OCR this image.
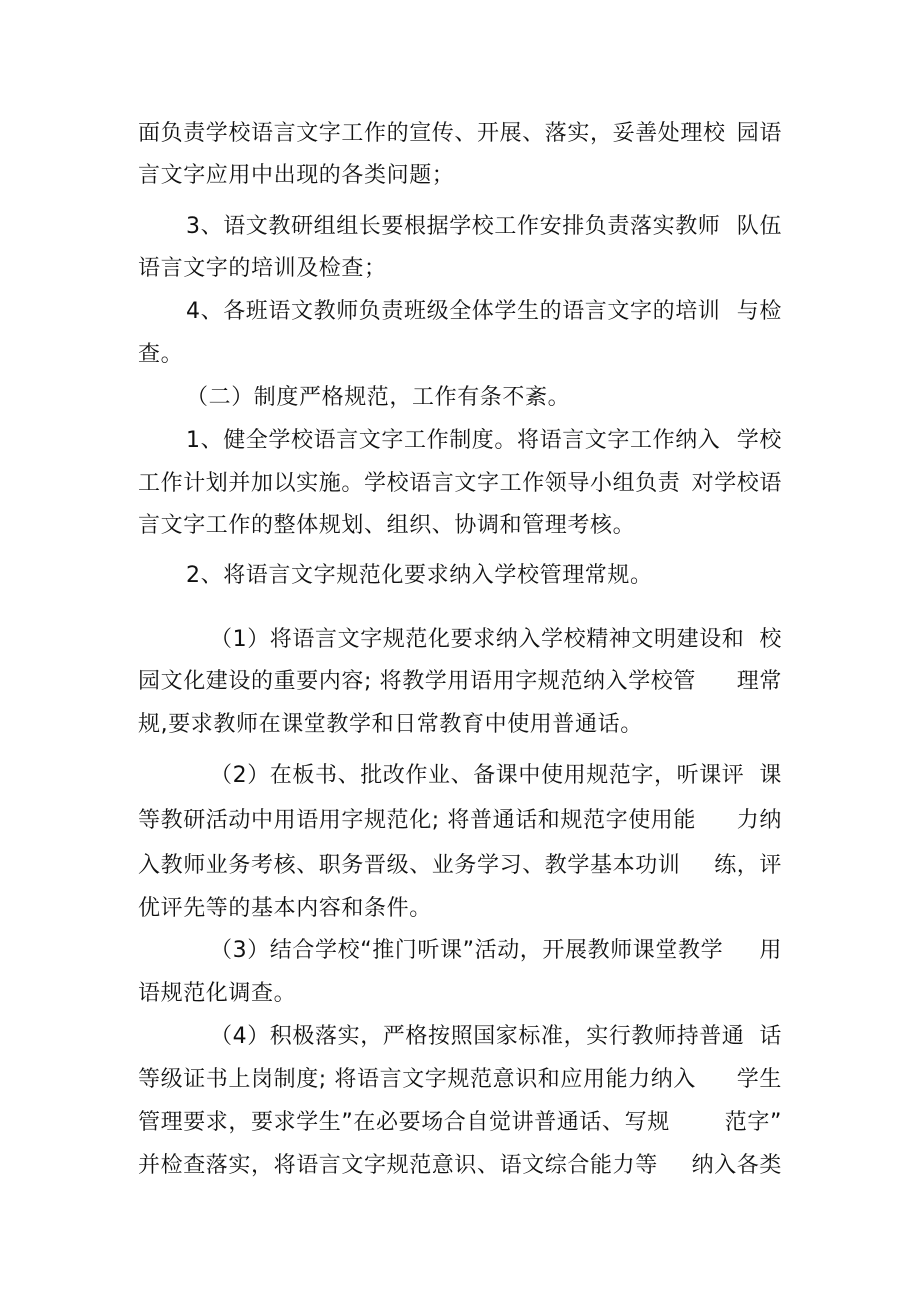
面负责学校语言文字工作的宣传、开展、落实，妥善处理校 园语
言文字应用中出现的各类问题；
3、语文教研组组长要根据学校工作安排负责落实教师 队伍
语言文字的培训及检查；
4、各班语文教师负责班级全体学生的语言文字的培训 与检
查。
（二）制度严格规范，工作有条不紊。
1、健全学校语言文字工作制度。将语言文字工作纳入 学校
工作计划并加以实施。学校语言文字工作领导小组负责 对学校语
言文字工作的整体规划、组织、协调和管理考核。
2、将语言文字规范化要求纳入学校管理常规。
（1）将语言文字规范化要求纳入学校精神文明建设和 校
园文化建设的重要内容; 将教学用语用字规范纳入学校管 理常
规,要求教师在课堂教学和日常教育中使用普通话。
（2）在板书、批改作业、备课中使用规范字，听课评 课
等教研活动中用语用字规范化; 将普通话和规范字使用能 力纳
入教师业务考核、职务晋级、业务学习、教学基本功训 练，评
优评先等的基本内容和条件。
（3）结合学校“推门听课”活动，开展教师课堂教学 用
语规范化调查。
（4）积极落实，严格按照国家标准，实行教师持普通 话
等级证书上岗制度; 将语言文字规范意识和应用能力纳入 学生
管理要求，要求学生”在必要场合自觉讲普通话、写规 范字”
并检查落实，将语言文字规范意识、语文综合能力等 纳入各类
